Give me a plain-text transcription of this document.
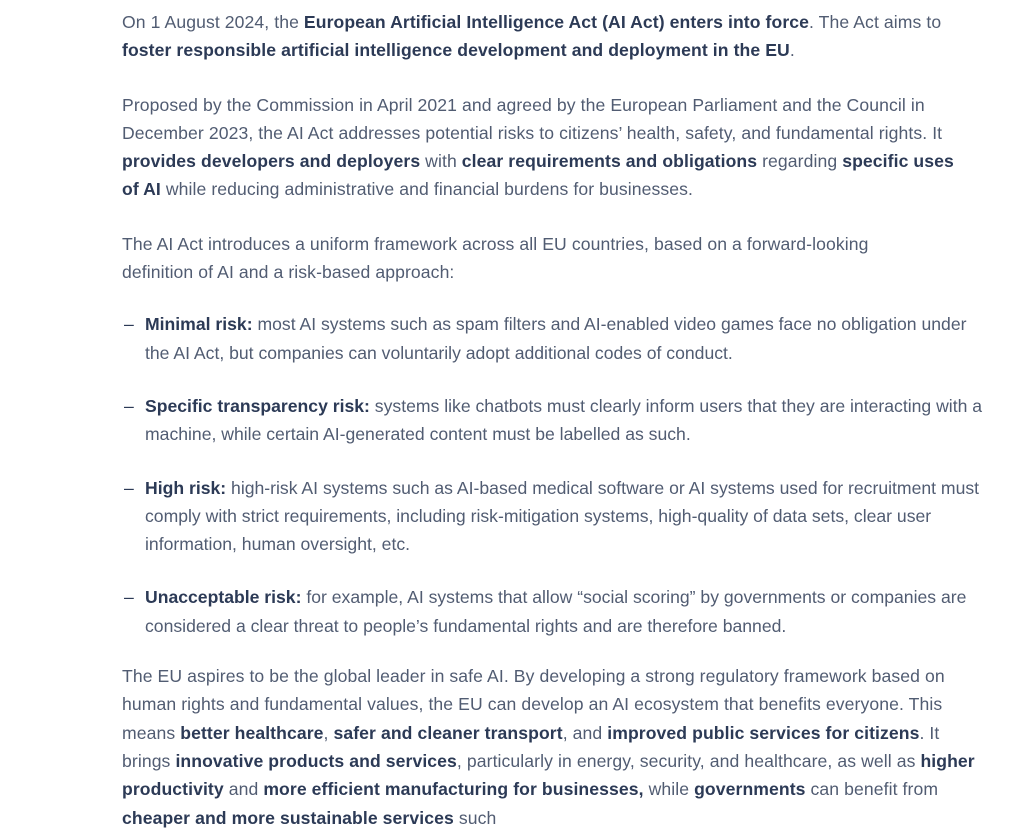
On 1 August 2024, the European Artificial Intelligence Act (AI Act) enters into force. The Act aims to foster responsible artificial intelligence development and deployment in the EU.

Proposed by the Commission in April 2021 and agreed by the European Parliament and the Council in December 2023, the AI Act addresses potential risks to citizens’ health, safety, and fundamental rights. It provides developers and deployers with clear requirements and obligations regarding specific uses of AI while reducing administrative and financial burdens for businesses.

The AI Act introduces a uniform framework across all EU countries, based on a forward-looking definition of AI and a risk-based approach:

– Minimal risk: most AI systems such as spam filters and AI-enabled video games face no obligation under the AI Act, but companies can voluntarily adopt additional codes of conduct.
– Specific transparency risk: systems like chatbots must clearly inform users that they are interacting with a machine, while certain AI-generated content must be labelled as such.
– High risk: high-risk AI systems such as AI-based medical software or AI systems used for recruitment must comply with strict requirements, including risk-mitigation systems, high-quality of data sets, clear user information, human oversight, etc.
– Unacceptable risk: for example, AI systems that allow “social scoring” by governments or companies are considered a clear threat to people’s fundamental rights and are therefore banned.

The EU aspires to be the global leader in safe AI. By developing a strong regulatory framework based on human rights and fundamental values, the EU can develop an AI ecosystem that benefits everyone. This means better healthcare, safer and cleaner transport, and improved public services for citizens. It brings innovative products and services, particularly in energy, security, and healthcare, as well as higher productivity and more efficient manufacturing for businesses, while governments can benefit from cheaper and more sustainable services such
